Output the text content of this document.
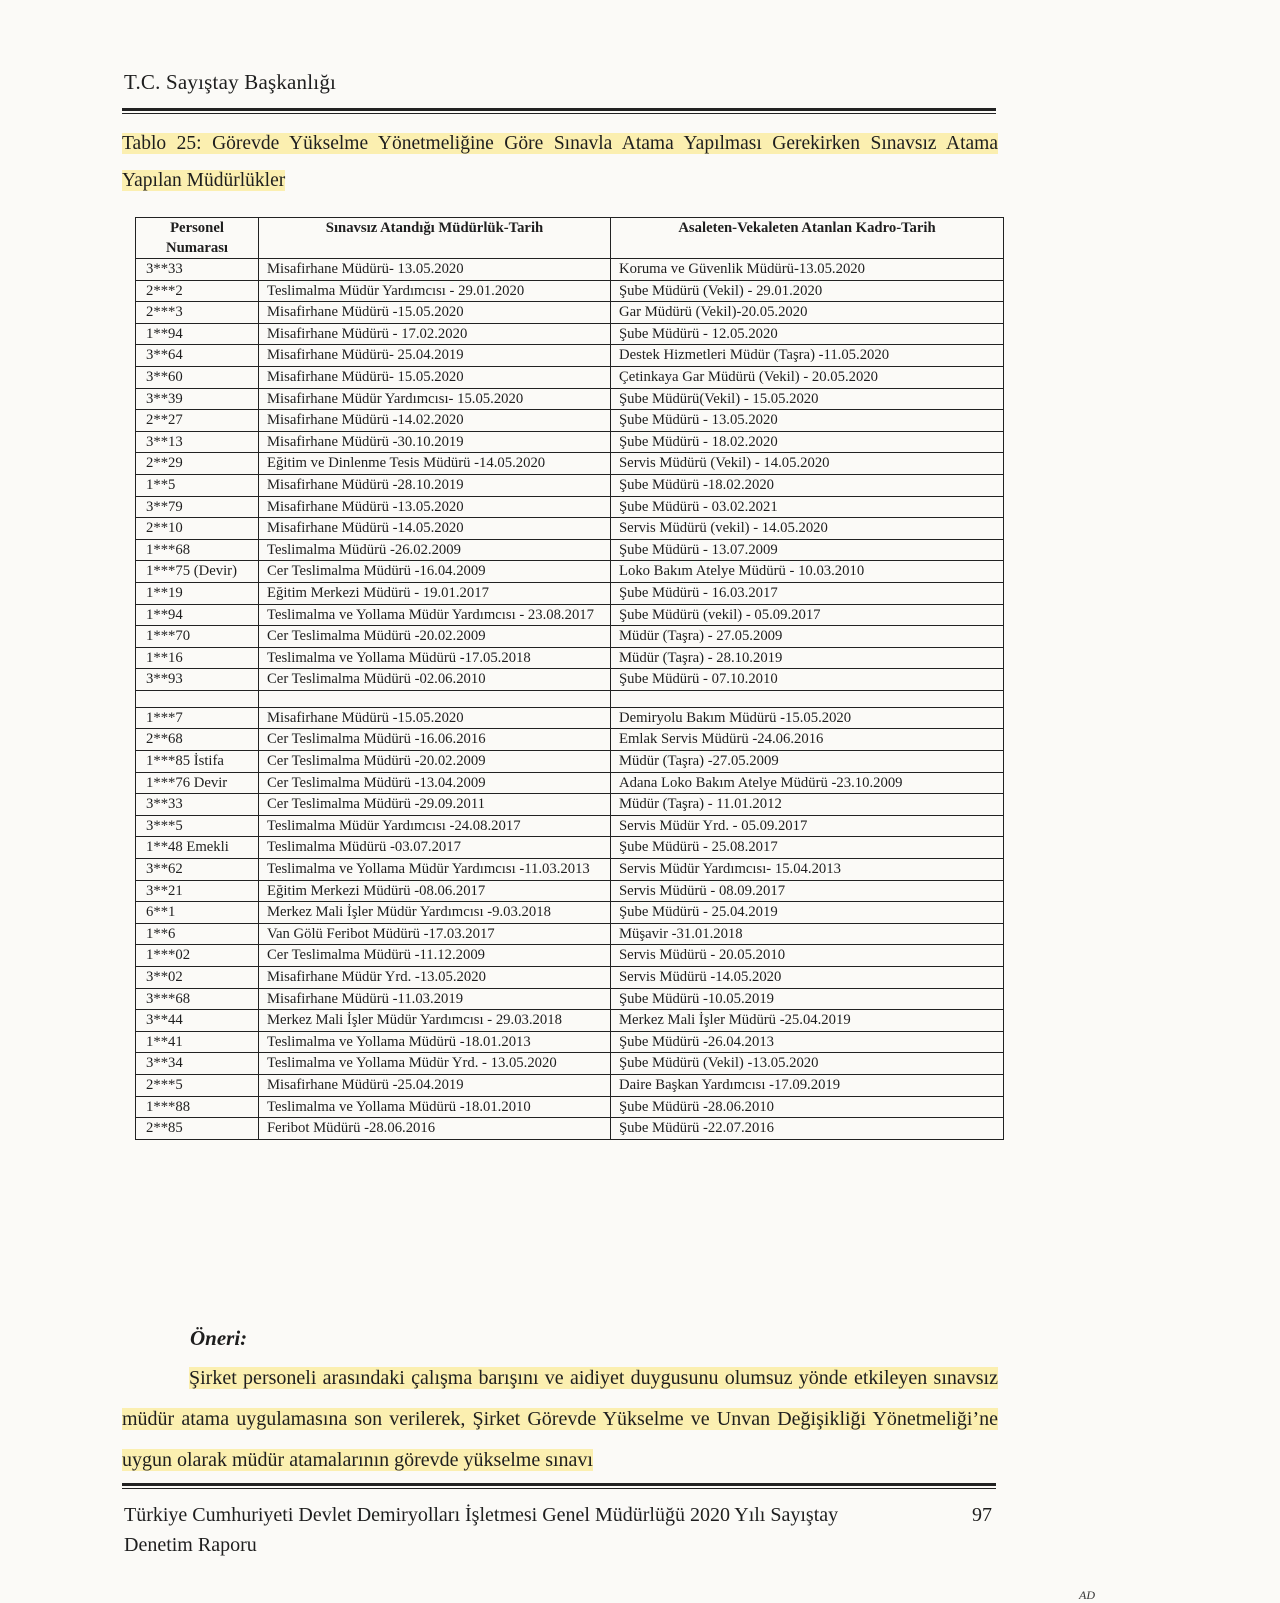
T.C. Sayıştay Başkanlığı
Tablo 25: Görevde Yükselme Yönetmeliğine Göre Sınavla Atama Yapılması Gerekirken Sınavsız Atama Yapılan Müdürlükler
Personel Numarası	Sınavsız Atandığı Müdürlük-Tarih	Asaleten-Vekaleten Atanlan Kadro-Tarih
3**33	Misafirhane Müdürü- 13.05.2020	Koruma ve Güvenlik Müdürü-13.05.2020
2***2	Teslimalma Müdür Yardımcısı - 29.01.2020	Şube Müdürü (Vekil) - 29.01.2020
2***3	Misafirhane Müdürü -15.05.2020	Gar Müdürü (Vekil)-20.05.2020
1**94	Misafirhane Müdürü - 17.02.2020	Şube Müdürü - 12.05.2020
3**64	Misafirhane Müdürü- 25.04.2019	Destek Hizmetleri Müdür (Taşra) -11.05.2020
3**60	Misafirhane Müdürü- 15.05.2020	Çetinkaya Gar Müdürü (Vekil) - 20.05.2020
3**39	Misafirhane Müdür Yardımcısı- 15.05.2020	Şube Müdürü(Vekil) - 15.05.2020
2**27	Misafirhane Müdürü -14.02.2020	Şube Müdürü - 13.05.2020
3**13	Misafirhane Müdürü -30.10.2019	Şube Müdürü - 18.02.2020
2**29	Eğitim ve Dinlenme Tesis Müdürü -14.05.2020	Servis Müdürü (Vekil) - 14.05.2020
1**5	Misafirhane Müdürü -28.10.2019	Şube Müdürü -18.02.2020
3**79	Misafirhane Müdürü -13.05.2020	Şube Müdürü - 03.02.2021
2**10	Misafirhane Müdürü -14.05.2020	Servis Müdürü (vekil) - 14.05.2020
1***68	Teslimalma Müdürü -26.02.2009	Şube Müdürü - 13.07.2009
1***75 (Devir)	Cer Teslimalma Müdürü -16.04.2009	Loko Bakım Atelye Müdürü - 10.03.2010
1**19	Eğitim Merkezi Müdürü - 19.01.2017	Şube Müdürü - 16.03.2017
1**94	Teslimalma ve Yollama Müdür Yardımcısı - 23.08.2017	Şube Müdürü (vekil) - 05.09.2017
1***70	Cer Teslimalma Müdürü -20.02.2009	Müdür (Taşra) - 27.05.2009
1**16	Teslimalma ve Yollama Müdürü -17.05.2018	Müdür (Taşra) - 28.10.2019
3**93	Cer Teslimalma Müdürü -02.06.2010	Şube Müdürü - 07.10.2010

1***7	Misafirhane Müdürü -15.05.2020	Demiryolu Bakım Müdürü -15.05.2020
2**68	Cer Teslimalma Müdürü -16.06.2016	Emlak Servis Müdürü -24.06.2016
1***85 İstifa	Cer Teslimalma Müdürü -20.02.2009	Müdür (Taşra) -27.05.2009
1***76 Devir	Cer Teslimalma Müdürü -13.04.2009	Adana Loko Bakım Atelye Müdürü -23.10.2009
3**33	Cer Teslimalma Müdürü -29.09.2011	Müdür (Taşra) - 11.01.2012
3***5	Teslimalma Müdür Yardımcısı -24.08.2017	Servis Müdür Yrd. - 05.09.2017
1**48 Emekli	Teslimalma Müdürü -03.07.2017	Şube Müdürü - 25.08.2017
3**62	Teslimalma ve Yollama Müdür Yardımcısı -11.03.2013	Servis Müdür Yardımcısı- 15.04.2013
3**21	Eğitim Merkezi Müdürü -08.06.2017	Servis Müdürü - 08.09.2017
6**1	Merkez Mali İşler Müdür Yardımcısı -9.03.2018	Şube Müdürü - 25.04.2019
1**6	Van Gölü Feribot Müdürü -17.03.2017	Müşavir -31.01.2018
1***02	Cer Teslimalma Müdürü -11.12.2009	Servis Müdürü - 20.05.2010
3**02	Misafirhane Müdür Yrd. -13.05.2020	Servis Müdürü -14.05.2020
3***68	Misafirhane Müdürü -11.03.2019	Şube Müdürü -10.05.2019
3**44	Merkez Mali İşler Müdür Yardımcısı - 29.03.2018	Merkez Mali İşler Müdürü -25.04.2019
1**41	Teslimalma ve Yollama Müdürü -18.01.2013	Şube Müdürü -26.04.2013
3**34	Teslimalma ve Yollama Müdür Yrd. - 13.05.2020	Şube Müdürü (Vekil) -13.05.2020
2***5	Misafirhane Müdürü -25.04.2019	Daire Başkan Yardımcısı -17.09.2019
1***88	Teslimalma ve Yollama Müdürü -18.01.2010	Şube Müdürü -28.06.2010
2**85	Feribot Müdürü -28.06.2016	Şube Müdürü -22.07.2016
Öneri:
Şirket personeli arasındaki çalışma barışını ve aidiyet duygusunu olumsuz yönde etkileyen sınavsız müdür atama uygulamasına son verilerek, Şirket Görevde Yükselme ve Unvan Değişikliği Yönetmeliği’ne uygun olarak müdür atamalarının görevde yükselme sınavı
Türkiye Cumhuriyeti Devlet Demiryolları İşletmesi Genel Müdürlüğü 2020 Yılı Sayıştay Denetim Raporu
97
AD
